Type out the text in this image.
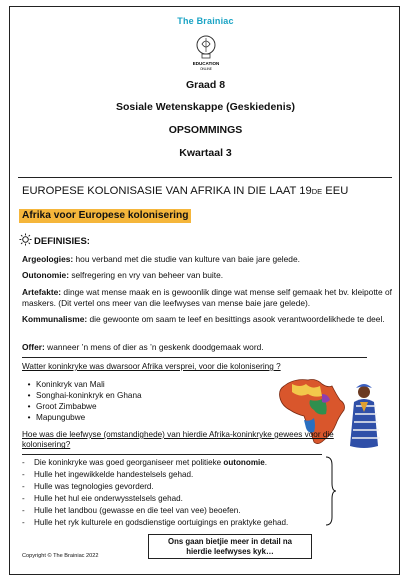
The Brainiac
EDUCATION
ONLINE
Graad 8
Sosiale Wetenskappe (Geskiedenis)
OPSOMMINGS
Kwartaal 3
EUROPESE KOLONISASIE VAN AFRIKA IN DIE LAAT 19DE EEU
Afrika voor Europese kolonisering
DEFINISIES:
Argeologies: hou verband met die studie van kulture van baie jare gelede.
Outonomie: selfregering en vry van beheer van buite.
Artefakte: dinge wat mense maak en is gewoonlik dinge wat mense self gemaak het bv. kleipotte of maskers. (Dit vertel ons meer van die leefwyses van mense baie jare gelede).
Kommunalisme: die gewoonte om saam te leef en besittings asook verantwoordelikhede te deel.
Offer: wanneer ’n mens of dier as ’n geskenk doodgemaak word.
Watter koninkryke was dwarsoor Afrika versprei, voor die kolonisering ?
• Koninkryk van Mali
• Songhai-koninkryk en Ghana
• Groot Zimbabwe
• Mapungubwe
Hoe was die leefwyse (omstandighede) van hierdie Afrika-koninkryke gewees voor die kolonisering?
- Die koninkryke was goed georganiseer met politieke outonomie.
- Hulle het ingewikkelde handestelsels gehad.
- Hulle was tegnologies gevorderd.
- Hulle het hul eie onderwysstelsels gehad.
- Hulle het landbou (gewasse en die teel van vee) beoefen.
- Hulle het ryk kulturele en godsdienstige oortuigings en praktyke gehad.
Ons gaan bietjie meer in detail na
hierdie leefwyses kyk…
Copyright © The Brainiac 2022
